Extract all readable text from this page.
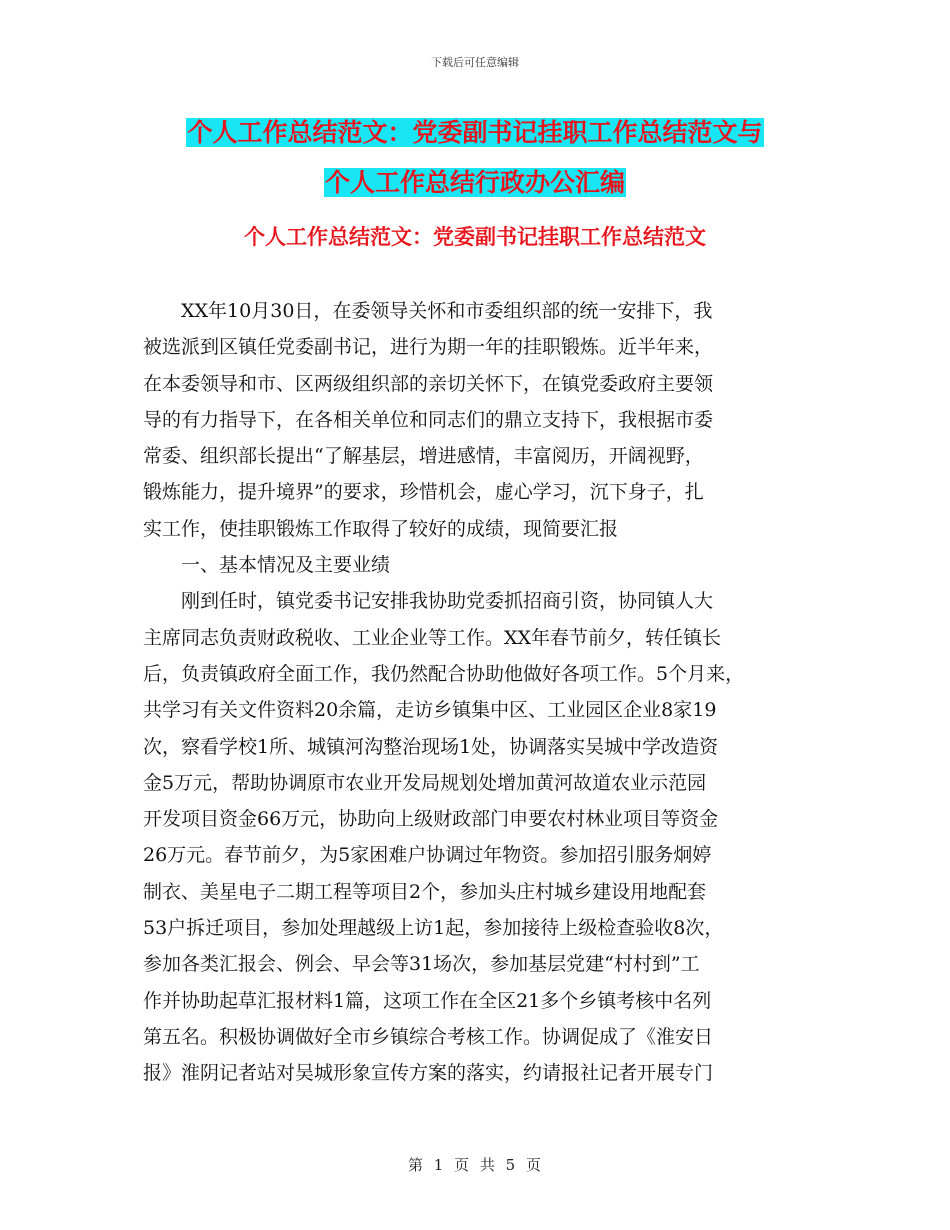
下载后可任意编辑
个人工作总结范文：党委副书记挂职工作总结范文与
个人工作总结行政办公汇编
个人工作总结范文：党委副书记挂职工作总结范文
XX年10月30日，在委领导关怀和市委组织部的统一安排下，我
被选派到区镇任党委副书记，进行为期一年的挂职锻炼。近半年来，
在本委领导和市、区两级组织部的亲切关怀下，在镇党委政府主要领
导的有力指导下，在各相关单位和同志们的鼎立支持下，我根据市委
常委、组织部长提出“了解基层，增进感情，丰富阅历，开阔视野，
锻炼能力，提升境界”的要求，珍惜机会，虚心学习，沉下身子，扎
实工作，使挂职锻炼工作取得了较好的成绩，现简要汇报
一、基本情况及主要业绩
刚到任时，镇党委书记安排我协助党委抓招商引资，协同镇人大
主席同志负责财政税收、工业企业等工作。XX年春节前夕，转任镇长
后，负责镇政府全面工作，我仍然配合协助他做好各项工作。5个月来，
共学习有关文件资料20余篇，走访乡镇集中区、工业园区企业8家19
次，察看学校1所、城镇河沟整治现场1处，协调落实吴城中学改造资
金5万元，帮助协调原市农业开发局规划处增加黄河故道农业示范园
开发项目资金66万元，协助向上级财政部门申要农村林业项目等资金
26万元。春节前夕，为5家困难户协调过年物资。参加招引服务炯婷
制衣、美星电子二期工程等项目2个，参加头庄村城乡建设用地配套
53户拆迁项目，参加处理越级上访1起，参加接待上级检查验收8次，
参加各类汇报会、例会、早会等31场次，参加基层党建“村村到”工
作并协助起草汇报材料1篇，这项工作在全区21多个乡镇考核中名列
第五名。积极协调做好全市乡镇综合考核工作。协调促成了《淮安日
报》淮阴记者站对吴城形象宣传方案的落实，约请报社记者开展专门
第 1 页 共 5 页
